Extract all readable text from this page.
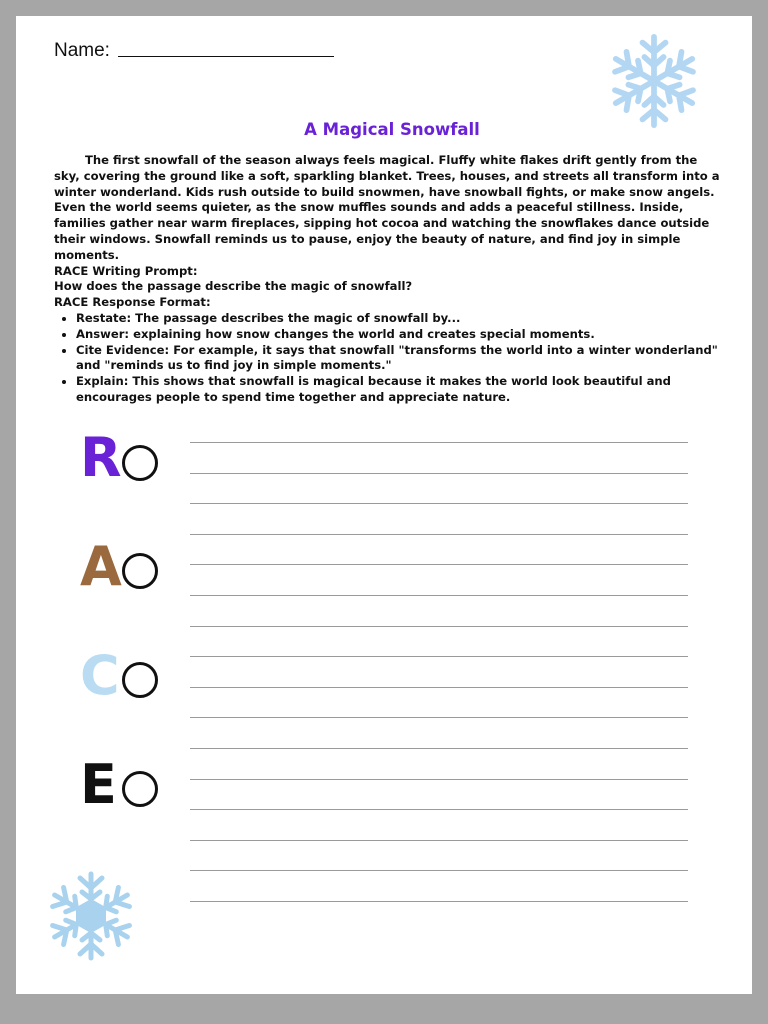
Name:
A Magical Snowfall

The first snowfall of the season always feels magical. Fluffy white flakes drift gently from the sky, covering the ground like a soft, sparkling blanket. Trees, houses, and streets all transform into a winter wonderland. Kids rush outside to build snowmen, have snowball fights, or make snow angels. Even the world seems quieter, as the snow muffles sounds and adds a peaceful stillness. Inside, families gather near warm fireplaces, sipping hot cocoa and watching the snowflakes dance outside their windows. Snowfall reminds us to pause, enjoy the beauty of nature, and find joy in simple moments.

RACE Writing Prompt:

How does the passage describe the magic of snowfall?

RACE Response Format:

• Restate: The passage describes the magic of snowfall by...
• Answer: explaining how snow changes the world and creates special moments.
• Cite Evidence: For example, it says that snowfall "transforms the world into a winter wonderland" and "reminds us to find joy in simple moments."
• Explain: This shows that snowfall is magical because it makes the world look beautiful and encourages people to spend time together and appreciate nature.
R
A
C
E
